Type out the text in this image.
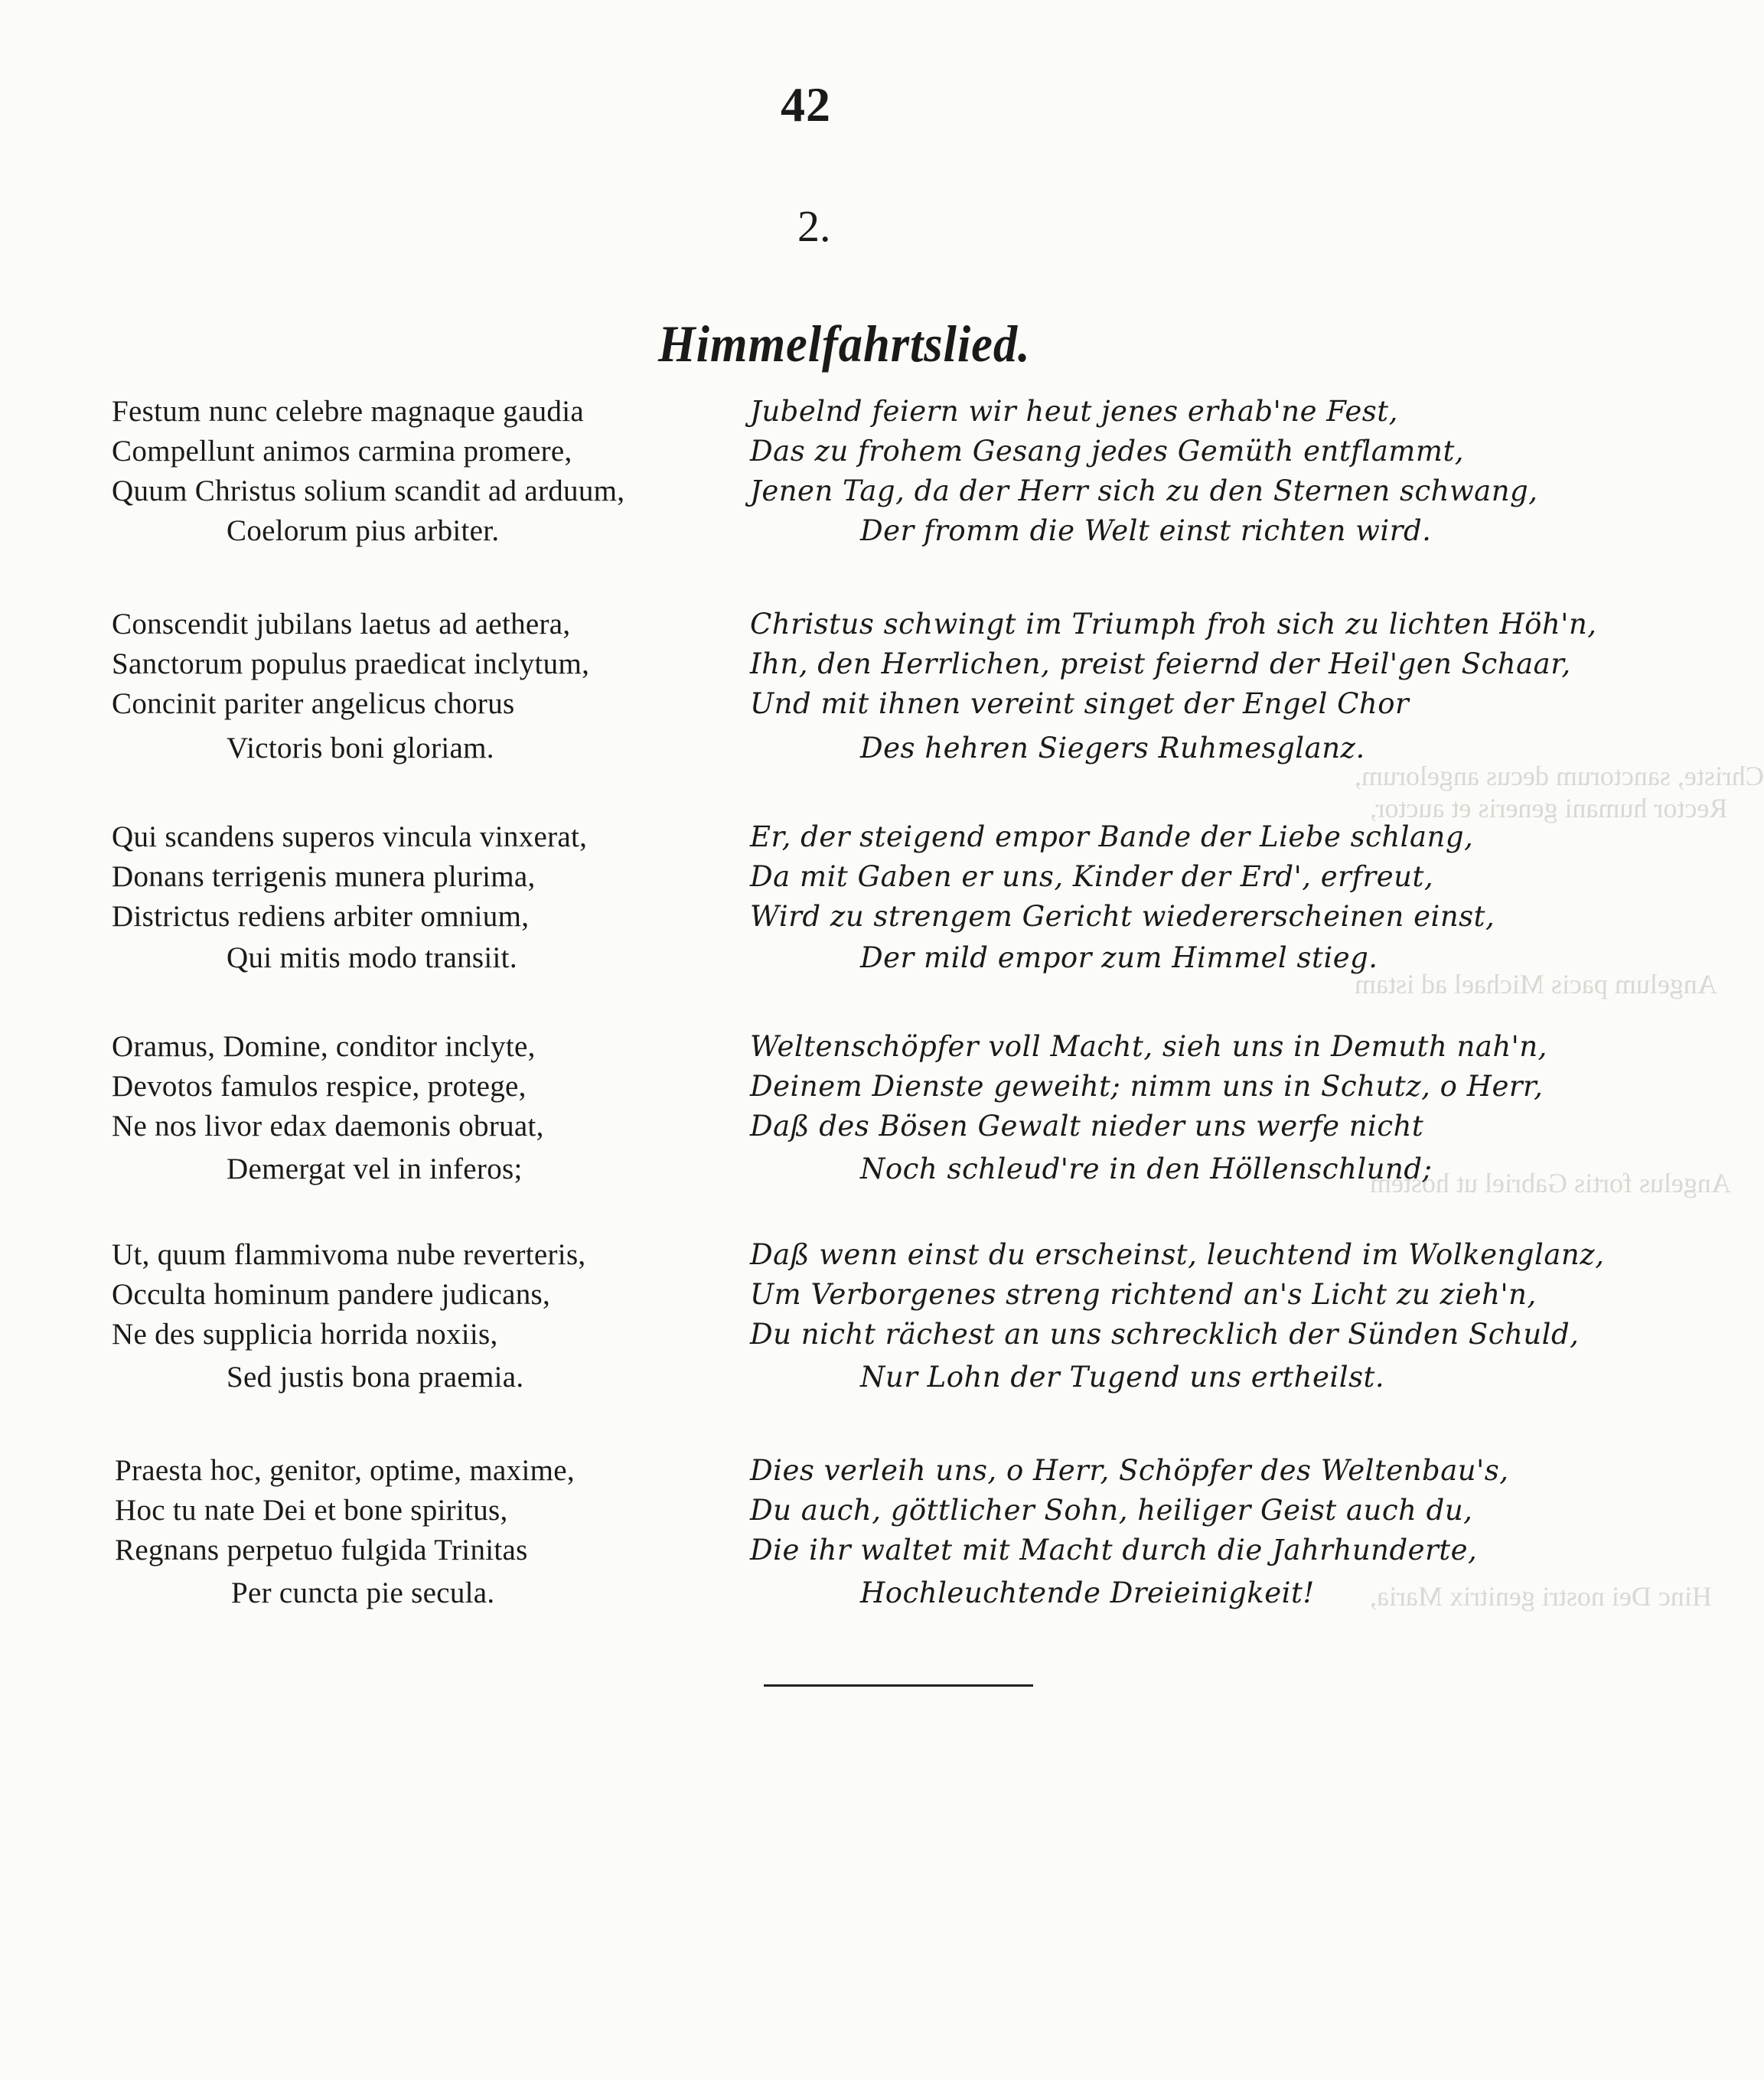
Christe, sanctorum decus angelorum,
Rector humani generis et auctor,
Angelum pacis Michael ad istam
Angelus fortis Gabriel ut hostem
Hinc Dei nostri genitrix Maria,
42
2.
Himmelfahrtslied.
Festum nunc celebre magnaque gaudia
Compellunt animos carmina promere,
Quum Christus solium scandit ad arduum,
Coelorum pius arbiter.
Jubelnd feiern wir heut jenes erhab'ne Fest,
Das zu frohem Gesang jedes Gemüth entflammt,
Jenen Tag, da der Herr sich zu den Sternen schwang,
Der fromm die Welt einst richten wird.
Conscendit jubilans laetus ad aethera,
Sanctorum populus praedicat inclytum,
Concinit pariter angelicus chorus
Victoris boni gloriam.
Christus schwingt im Triumph froh sich zu lichten Höh'n,
Ihn, den Herrlichen, preist feiernd der Heil'gen Schaar,
Und mit ihnen vereint singet der Engel Chor
Des hehren Siegers Ruhmesglanz.
Qui scandens superos vincula vinxerat,
Donans terrigenis munera plurima,
Districtus rediens arbiter omnium,
Qui mitis modo transiit.
Er, der steigend empor Bande der Liebe schlang,
Da mit Gaben er uns, Kinder der Erd', erfreut,
Wird zu strengem Gericht wiedererscheinen einst,
Der mild empor zum Himmel stieg.
Oramus, Domine, conditor inclyte,
Devotos famulos respice, protege,
Ne nos livor edax daemonis obruat,
Demergat vel in inferos;
Weltenschöpfer voll Macht, sieh uns in Demuth nah'n,
Deinem Dienste geweiht; nimm uns in Schutz, o Herr,
Daß des Bösen Gewalt nieder uns werfe nicht
Noch schleud're in den Höllenschlund;
Ut, quum flammivoma nube reverteris,
Occulta hominum pandere judicans,
Ne des supplicia horrida noxiis,
Sed justis bona praemia.
Daß wenn einst du erscheinst, leuchtend im Wolkenglanz,
Um Verborgenes streng richtend an's Licht zu zieh'n,
Du nicht rächest an uns schrecklich der Sünden Schuld,
Nur Lohn der Tugend uns ertheilst.
Praesta hoc, genitor, optime, maxime,
Hoc tu nate Dei et bone spiritus,
Regnans perpetuo fulgida Trinitas
Per cuncta pie secula.
Dies verleih uns, o Herr, Schöpfer des Weltenbau's,
Du auch, göttlicher Sohn, heiliger Geist auch du,
Die ihr waltet mit Macht durch die Jahrhunderte,
Hochleuchtende Dreieinigkeit!
